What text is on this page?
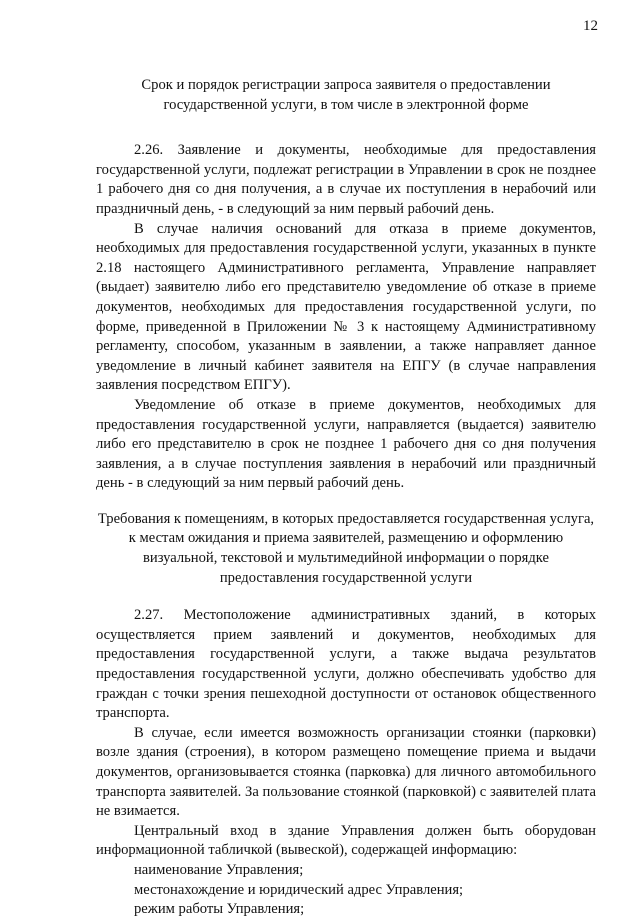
12
Срок и порядок регистрации запроса заявителя о предоставлении государственной услуги, в том числе в электронной форме

2.26. Заявление и документы, необходимые для предоставления государственной услуги, подлежат регистрации в Управлении в срок не позднее 1 рабочего дня со дня получения, а в случае их поступления в нерабочий или праздничный день, - в следующий за ним первый рабочий день.

В случае наличия оснований для отказа в приеме документов, необходимых для предоставления государственной услуги, указанных в пункте 2.18 настоящего Административного регламента, Управление направляет (выдает) заявителю либо его представителю уведомление об отказе в приеме документов, необходимых для предоставления государственной услуги, по форме, приведенной в Приложении № 3 к настоящему Административному регламенту, способом, указанным в заявлении, а также направляет данное уведомление в личный кабинет заявителя на ЕПГУ (в случае направления заявления посредством ЕПГУ).

Уведомление об отказе в приеме документов, необходимых для предоставления государственной услуги, направляется (выдается) заявителю либо его представителю в срок не позднее 1 рабочего дня со дня получения заявления, а в случае поступления заявления в нерабочий или праздничный день - в следующий за ним первый рабочий день.

Требования к помещениям, в которых предоставляется государственная услуга, к местам ожидания и приема заявителей, размещению и оформлению визуальной, текстовой и мультимедийной информации о порядке предоставления государственной услуги

2.27. Местоположение административных зданий, в которых осуществляется прием заявлений и документов, необходимых для предоставления государственной услуги, а также выдача результатов предоставления государственной услуги, должно обеспечивать удобство для граждан с точки зрения пешеходной доступности от остановок общественного транспорта.

В случае, если имеется возможность организации стоянки (парковки) возле здания (строения), в котором размещено помещение приема и выдачи документов, организовывается стоянка (парковка) для личного автомобильного транспорта заявителей. За пользование стоянкой (парковкой) с заявителей плата не взимается.

Центральный вход в здание Управления должен быть оборудован информационной табличкой (вывеской), содержащей информацию:

наименование Управления;
местонахождение и юридический адрес Управления;
режим работы Управления;
